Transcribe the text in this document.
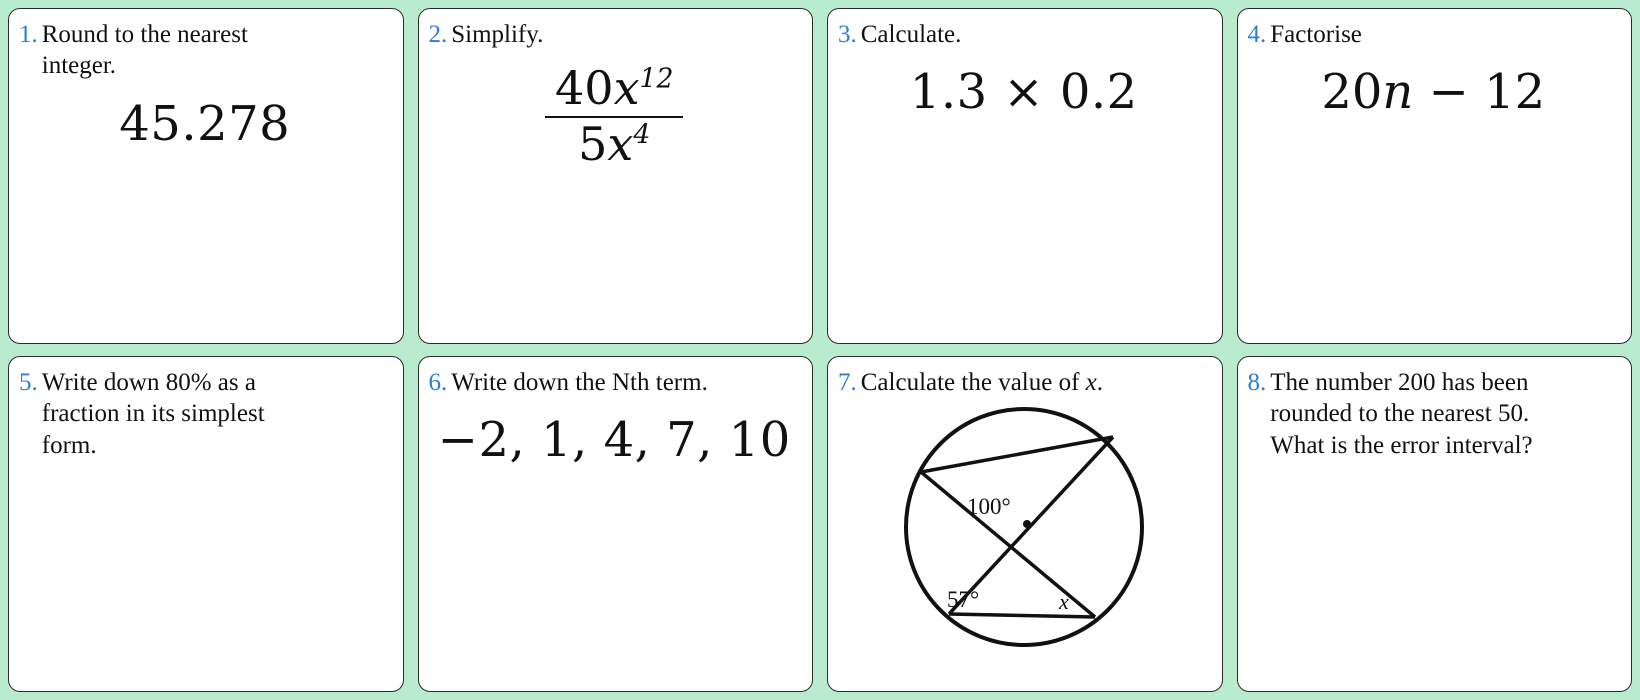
1. Round to the nearest
integer.
45.278
2. Simplify.
$\frac{40x^{12}}{5x^4}$
3. Calculate.
1.3 × 0.2
4. Factorise
20n − 12
5. Write down 80% as a
fraction in its simplest
form.
6. Write down the Nth term.
−2, 1, 4, 7, 10
7. Calculate the value of x.
100°
57°	x
8. The number 200 has been
rounded to the nearest 50.
What is the error interval?
